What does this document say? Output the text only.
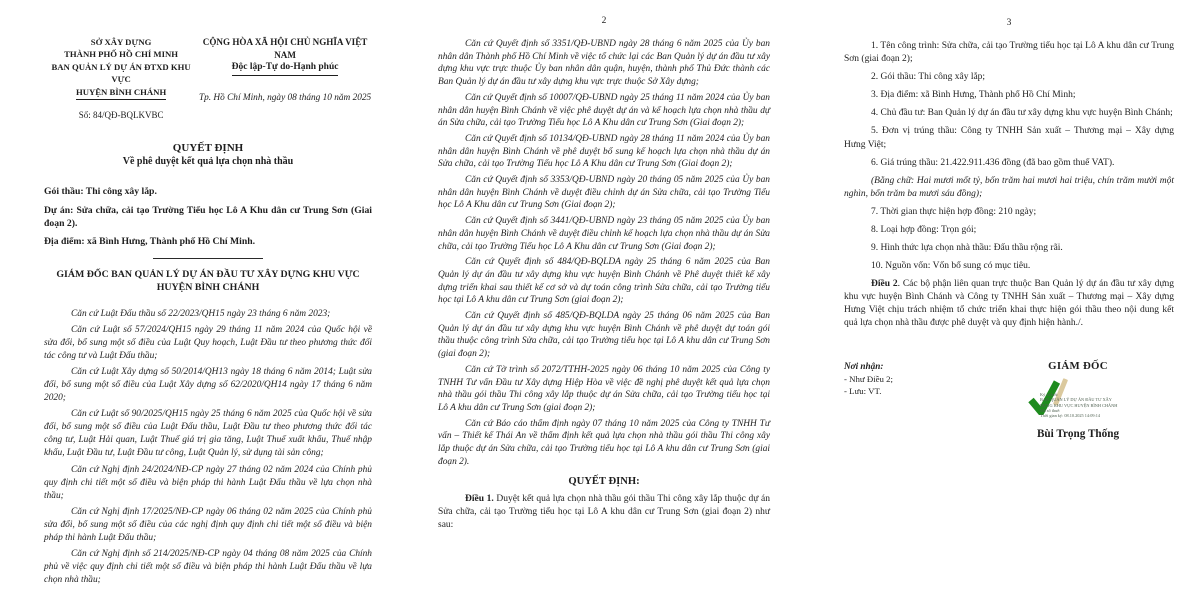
SỞ XÂY DỰNG
THÀNH PHỐ HỒ CHÍ MINH
BAN QUẢN LÝ DỰ ÁN ĐTXD KHU VỰC
HUYỆN BÌNH CHÁNH
Số: 84/QĐ-BQLKVBC
CỘNG HÒA XÃ HỘI CHỦ NGHĨA VIỆT NAM
Độc lập-Tự do-Hạnh phúc
Tp. Hồ Chí Minh, ngày 08 tháng 10 năm 2025
QUYẾT ĐỊNH
Về phê duyệt kết quả lựa chọn nhà thầu

Gói thầu: Thi công xây lắp.

Dự án: Sửa chữa, cải tạo Trường Tiểu học Lô A Khu dân cư Trung Sơn (Giai đoạn 2).

Địa điểm: xã Bình Hưng, Thành phố Hồ Chí Minh.

GIÁM ĐỐC BAN QUẢN LÝ DỰ ÁN ĐẦU TƯ XÂY DỰNG KHU VỰC HUYỆN BÌNH CHÁNH

Căn cứ Luật Đấu thầu số 22/2023/QH15 ngày 23 tháng 6 năm 2023;

Căn cứ Luật số 57/2024/QH15 ngày 29 tháng 11 năm 2024 của Quốc hội về sửa đổi, bổ sung một số điều của Luật Quy hoạch, Luật Đầu tư theo phương thức đối tác công tư và Luật Đấu thầu;

Căn cứ Luật Xây dựng số 50/2014/QH13 ngày 18 tháng 6 năm 2014; Luật sửa đổi, bổ sung một số điều của Luật Xây dựng số 62/2020/QH14 ngày 17 tháng 6 năm 2020;

Căn cứ Luật số 90/2025/QH15 ngày 25 tháng 6 năm 2025 của Quốc hội về sửa đổi, bổ sung một số điều của Luật Đấu thầu, Luật Đầu tư theo phương thức đối tác công tư, Luật Hải quan, Luật Thuế giá trị gia tăng, Luật Thuế xuất khẩu, Thuế nhập khẩu, Luật Đầu tư, Luật Đầu tư công, Luật Quản lý, sử dụng tài sản công;

Căn cứ Nghị định 24/2024/NĐ-CP ngày 27 tháng 02 năm 2024 của Chính phủ quy định chi tiết một số điều và biện pháp thi hành Luật Đấu thầu về lựa chọn nhà thầu;

Căn cứ Nghị định 17/2025/NĐ-CP ngày 06 tháng 02 năm 2025 của Chính phủ sửa đổi, bổ sung một số điều của các nghị định quy định chi tiết một số điều và biện pháp thi hành Luật Đấu thầu;

Căn cứ Nghị định số 214/2025/NĐ-CP ngày 04 tháng 08 năm 2025 của Chính phủ về việc quy định chi tiết một số điều và biện pháp thi hành Luật Đấu thầu về lựa chọn nhà thầu;

2

Căn cứ Quyết định số 3351/QĐ-UBND ngày 28 tháng 6 năm 2025 của Ủy ban nhân dân Thành phố Hồ Chí Minh về việc tổ chức lại các Ban Quản lý dự án đầu tư xây dựng khu vực trực thuộc Ủy ban nhân dân quận, huyện, thành phố Thủ Đức thành các Ban Quản lý dự án đầu tư xây dựng khu vực trực thuộc Sở Xây dựng;

Căn cứ Quyết định số 10007/QĐ-UBND ngày 25 tháng 11 năm 2024 của Ủy ban nhân dân huyện Bình Chánh về việc phê duyệt dự án và kế hoạch lựa chọn nhà thầu dự án Sửa chữa, cải tạo Trường Tiểu học Lô A Khu dân cư Trung Sơn (Giai đoạn 2);

Căn cứ Quyết định số 10134/QĐ-UBND ngày 28 tháng 11 năm 2024 của Ủy ban nhân dân huyện Bình Chánh về phê duyệt bổ sung kế hoạch lựa chọn nhà thầu dự án Sửa chữa, cải tạo Trường Tiểu học Lô A Khu dân cư Trung Sơn (Giai đoạn 2);

Căn cứ Quyết định số 3353/QĐ-UBND ngày 20 tháng 05 năm 2025 của Ủy ban nhân dân huyện Bình Chánh về duyệt điều chỉnh dự án Sửa chữa, cải tạo Trường Tiểu học Lô A Khu dân cư Trung Sơn (Giai đoạn 2);

Căn cứ Quyết định số 3441/QĐ-UBND ngày 23 tháng 05 năm 2025 của Ủy ban nhân dân huyện Bình Chánh về duyệt điều chỉnh kế hoạch lựa chọn nhà thầu dự án Sửa chữa, cải tạo Trường Tiểu học Lô A Khu dân cư Trung Sơn (Giai đoạn 2);

Căn cứ Quyết định số 484/QĐ-BQLDA ngày 25 tháng 6 năm 2025 của Ban Quản lý dự án đầu tư xây dựng khu vực huyện Bình Chánh về Phê duyệt thiết kế xây dựng triển khai sau thiết kế cơ sở và dự toán công trình Sửa chữa, cải tạo Trường tiểu học tại Lô A khu dân cư Trung Sơn (giai đoạn 2);

Căn cứ Quyết định số 485/QĐ-BQLDA ngày 25 tháng 06 năm 2025 của Ban Quản lý dự án đầu tư xây dựng khu vực huyện Bình Chánh về phê duyệt dự toán gói thầu thuộc công trình Sửa chữa, cải tạo Trường tiểu học tại Lô A khu dân cư Trung Sơn (giai đoạn 2);

Căn cứ Tờ trình số 2072/TTHH-2025 ngày 06 tháng 10 năm 2025 của Công ty TNHH Tư vấn Đầu tư Xây dựng Hiệp Hòa về việc đề nghị phê duyệt kết quả lựa chọn nhà thầu gói thầu Thi công xây lắp thuộc dự án Sửa chữa, cải tạo Trường tiểu học tại Lô A khu dân cư Trung Sơn (giai đoạn 2);

Căn cứ Báo cáo thẩm định ngày 07 tháng 10 năm 2025 của Công ty TNHH Tư vấn – Thiết kế Thái An về thẩm định kết quả lựa chọn nhà thầu gói thầu Thi công xây lắp thuộc dự án Sửa chữa, cải tạo Trường tiểu học tại Lô A khu dân cư Trung Sơn (giai đoạn 2).

QUYẾT ĐỊNH:

Điều 1. Duyệt kết quả lựa chọn nhà thầu gói thầu Thi công xây lắp thuộc dự án Sửa chữa, cải tạo Trường tiểu học tại Lô A khu dân cư Trung Sơn (giai đoạn 2) như sau:

3

1. Tên công trình: Sửa chữa, cải tạo Trường tiểu học tại Lô A khu dân cư Trung Sơn (giai đoạn 2);

2. Gói thầu: Thi công xây lắp;

3. Địa điểm: xã Bình Hưng, Thành phố Hồ Chí Minh;

4. Chủ đầu tư: Ban Quản lý dự án đầu tư xây dựng khu vực huyện Bình Chánh;

5. Đơn vị trúng thầu: Công ty TNHH Sản xuất – Thương mại – Xây dựng Hưng Việt;

6. Giá trúng thầu: 21.422.911.436 đồng (đã bao gồm thuế VAT).

(Bằng chữ: Hai mươi mốt tỷ, bốn trăm hai mươi hai triệu, chín trăm mười một nghìn, bốn trăm ba mươi sáu đồng);

7. Thời gian thực hiện hợp đồng: 210 ngày;

8. Loại hợp đồng: Trọn gói;

9. Hình thức lựa chọn nhà thầu: Đấu thầu rộng rãi.

10. Nguồn vốn: Vốn bổ sung có mục tiêu.

Điều 2. Các bộ phận liên quan trực thuộc Ban Quản lý dự án đầu tư xây dựng khu vực huyện Bình Chánh và Công ty TNHH Sản xuất – Thương mại – Xây dựng Hưng Việt chịu trách nhiệm tổ chức triển khai thực hiện gói thầu theo nội dung kết quả lựa chọn nhà thầu được phê duyệt và quy định hiện hành./.

Nơi nhận:
- Như Điều 2;
- Lưu: VT.
GIÁM ĐỐC
Ký số bởi:
BAN QUẢN LÝ DỰ ÁN ĐẦU TƯ XÂY
DỰNG KHU VỰC HUYỆN BÌNH CHÁNH
Mã số thuế:
Thời gian ký: 08.10.2025 14:09:14
Bùi Trọng Thống
